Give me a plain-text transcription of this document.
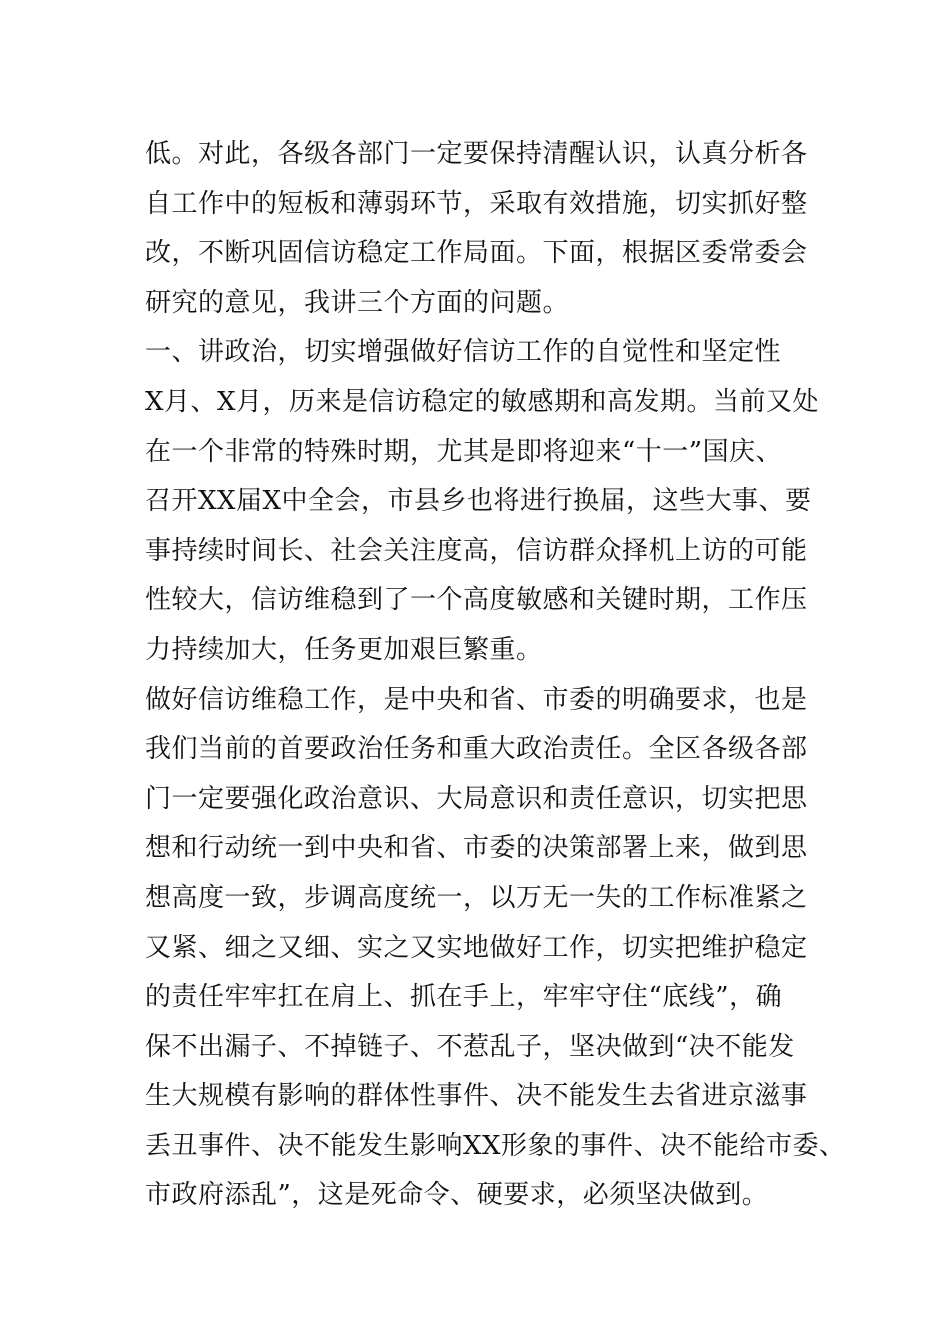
低。对此，各级各部门一定要保持清醒认识，认真分析各
自工作中的短板和薄弱环节，采取有效措施，切实抓好整
改，不断巩固信访稳定工作局面。下面，根据区委常委会
研究的意见，我讲三个方面的问题。
一、讲政治，切实增强做好信访工作的自觉性和坚定性
X月、X月，历来是信访稳定的敏感期和高发期。当前又处
在一个非常的特殊时期，尤其是即将迎来“十一”国庆、
召开XX届X中全会，市县乡也将进行换届，这些大事、要
事持续时间长、社会关注度高，信访群众择机上访的可能
性较大，信访维稳到了一个高度敏感和关键时期，工作压
力持续加大，任务更加艰巨繁重。
做好信访维稳工作，是中央和省、市委的明确要求，也是
我们当前的首要政治任务和重大政治责任。全区各级各部
门一定要强化政治意识、大局意识和责任意识，切实把思
想和行动统一到中央和省、市委的决策部署上来，做到思
想高度一致，步调高度统一，以万无一失的工作标准紧之
又紧、细之又细、实之又实地做好工作，切实把维护稳定
的责任牢牢扛在肩上、抓在手上，牢牢守住“底线”，确
保不出漏子、不掉链子、不惹乱子，坚决做到“决不能发
生大规模有影响的群体性事件、决不能发生去省进京滋事
丢丑事件、决不能发生影响XX形象的事件、决不能给市委、
市政府添乱”，这是死命令、硬要求，必须坚决做到。
